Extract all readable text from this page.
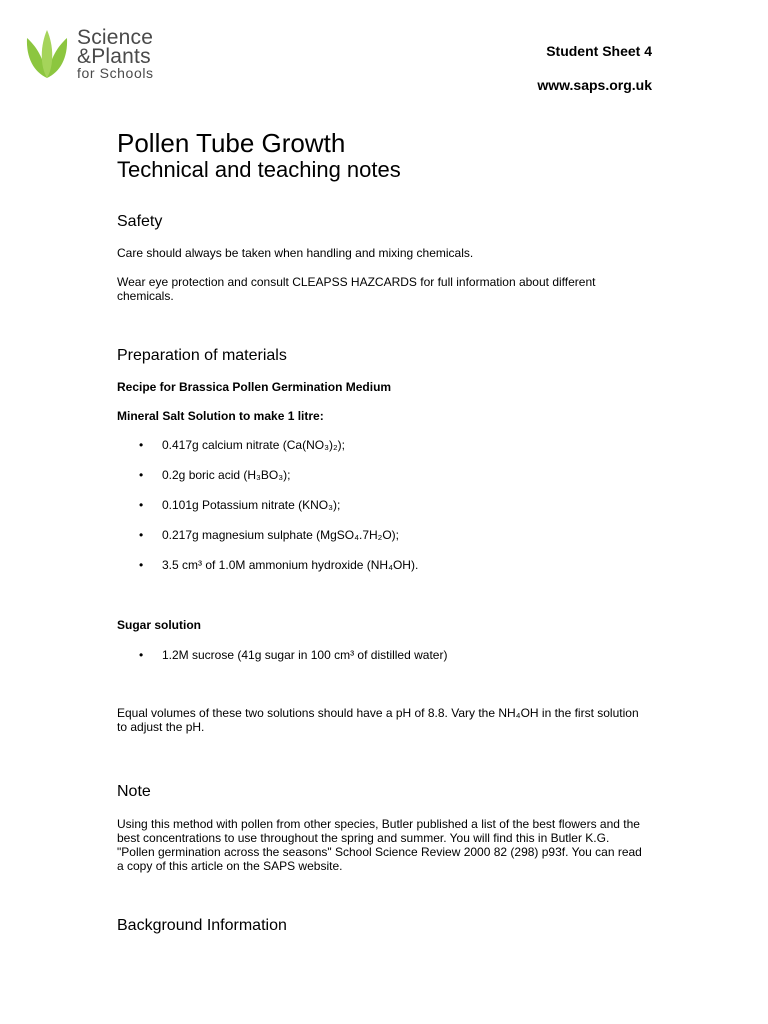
Science
&Plants
for Schools
Student Sheet 4
www.saps.org.uk
Pollen Tube Growth
Technical and teaching notes
Safety

Care should always be taken when handling and mixing chemicals.

Wear eye protection and consult CLEAPSS HAZCARDS for full information about different chemicals.

Preparation of materials

Recipe for Brassica Pollen Germination Medium

Mineral Salt Solution to make 1 litre:

• 0.417g calcium nitrate (Ca(NO₃)₂);
• 0.2g boric acid (H₃BO₃);
• 0.101g Potassium nitrate (KNO₃);
• 0.217g magnesium sulphate (MgSO₄.7H₂O);
• 3.5 cm³ of 1.0M ammonium hydroxide (NH₄OH).

Sugar solution

• 1.2M sucrose (41g sugar in 100 cm³ of distilled water)

Equal volumes of these two solutions should have a pH of 8.8. Vary the NH₄OH in the first solution to adjust the pH.

Note

Using this method with pollen from other species, Butler published a list of the best flowers and the best concentrations to use throughout the spring and summer. You will find this in Butler K.G. "Pollen germination across the seasons" School Science Review 2000 82 (298) p93f. You can read a copy of this article on the SAPS website.

Background Information
